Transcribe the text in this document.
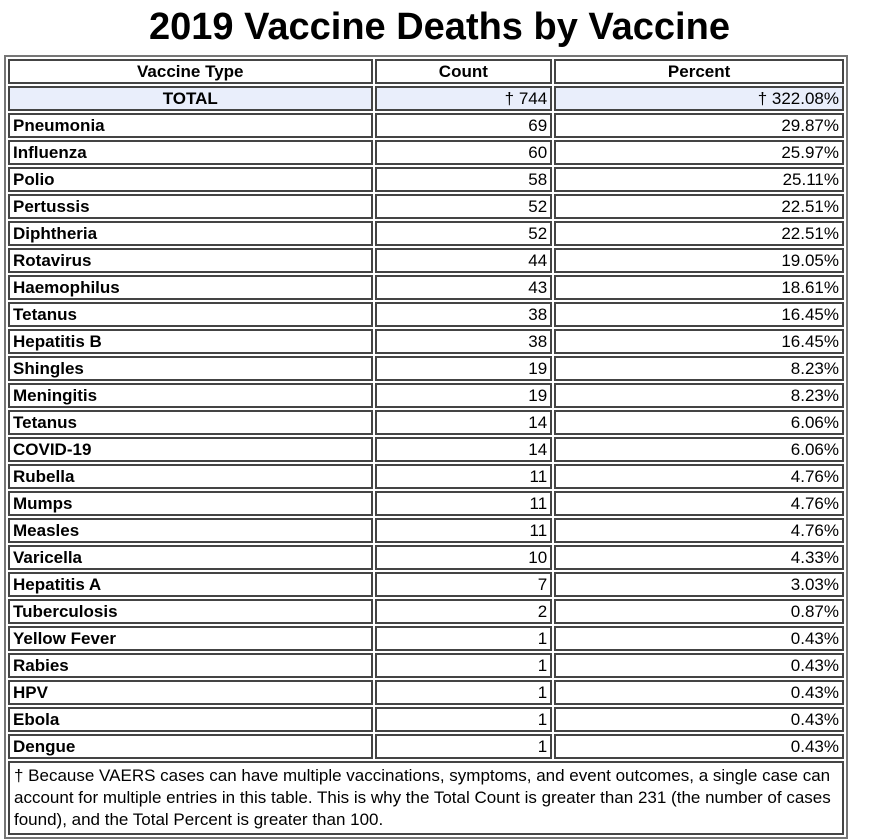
2019 Vaccine Deaths by Vaccine
Vaccine Type	Count	Percent
TOTAL	† 744	† 322.08%
Pneumonia	69	29.87%
Influenza	60	25.97%
Polio	58	25.11%
Pertussis	52	22.51%
Diphtheria	52	22.51%
Rotavirus	44	19.05%
Haemophilus	43	18.61%
Tetanus	38	16.45%
Hepatitis B	38	16.45%
Shingles	19	8.23%
Meningitis	19	8.23%
Tetanus	14	6.06%
COVID-19	14	6.06%
Rubella	11	4.76%
Mumps	11	4.76%
Measles	11	4.76%
Varicella	10	4.33%
Hepatitis A	7	3.03%
Tuberculosis	2	0.87%
Yellow Fever	1	0.43%
Rabies	1	0.43%
HPV	1	0.43%
Ebola	1	0.43%
Dengue	1	0.43%
† Because VAERS cases can have multiple vaccinations, symptoms, and event outcomes, a single case can account for multiple entries in this table. This is why the Total Count is greater than 231 (the number of cases found), and the Total Percent is greater than 100.		
